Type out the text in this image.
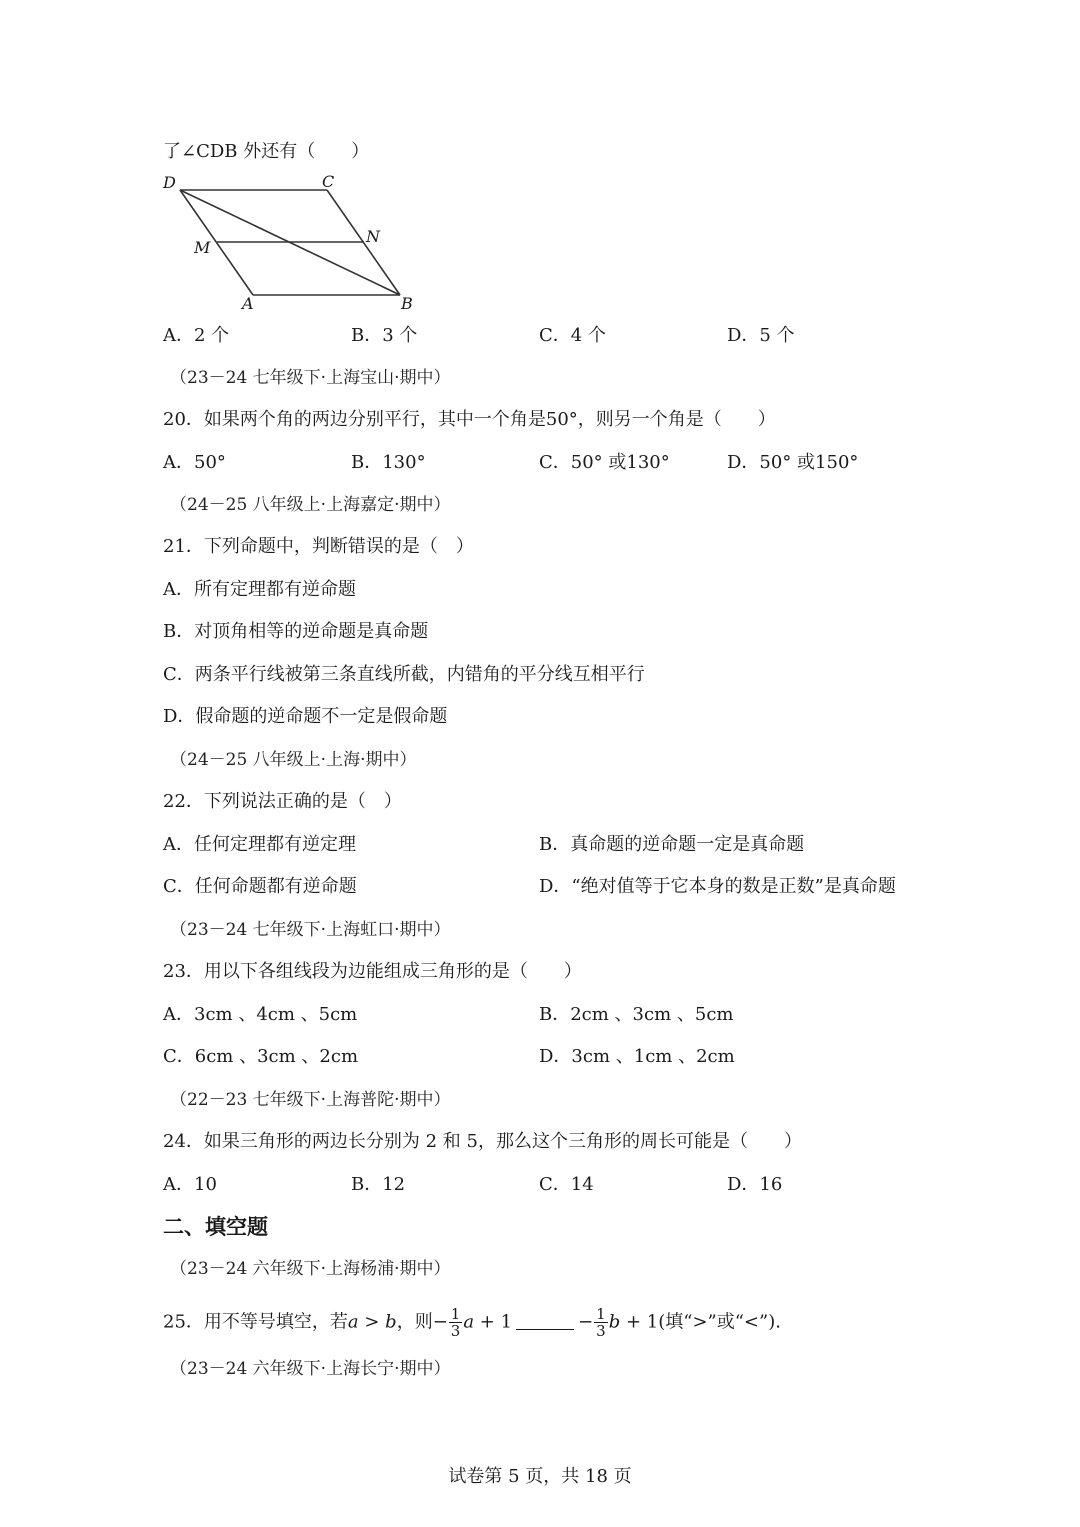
了∠CDB 外还有（　　）
D	C
M
N
A	B
A．2 个	B．3 个	C．4 个	D．5 个
（23－24 七年级下·上海宝山·期中）
20．如果两个角的两边分别平行，其中一个角是50°，则另一个角是（　　）
A．50°	B．130°	C．50° 或130°	D．50° 或150°
（24－25 八年级上·上海嘉定·期中）
21．下列命题中，判断错误的是（　）
A．所有定理都有逆命题
B．对顶角相等的逆命题是真命题
C．两条平行线被第三条直线所截，内错角的平分线互相平行
D．假命题的逆命题不一定是假命题
（24－25 八年级上·上海·期中）
22．下列说法正确的是（　）
A．任何定理都有逆定理	B．真命题的逆命题一定是真命题
C．任何命题都有逆命题	D．“绝对值等于它本身的数是正数”是真命题
（23－24 七年级下·上海虹口·期中）
23．用以下各组线段为边能组成三角形的是（　　）
A．3cm 、4cm 、5cm	B．2cm 、3cm 、5cm
C．6cm 、3cm 、2cm	D．3cm 、1cm 、2cm
（22－23 七年级下·上海普陀·期中）
24．如果三角形的两边长分别为 2 和 5，那么这个三角形的周长可能是（　　）
A．10	B．12	C．14	D．16
二、填空题
（23－24 六年级下·上海杨浦·期中）
25．用不等号填空，若a > b，则− $\frac{1}{3}$ a + 1	− $\frac{1}{3}$ b + 1(填“>”或“<”).
（23－24 六年级下·上海长宁·期中）
试卷第 5 页，共 18 页
